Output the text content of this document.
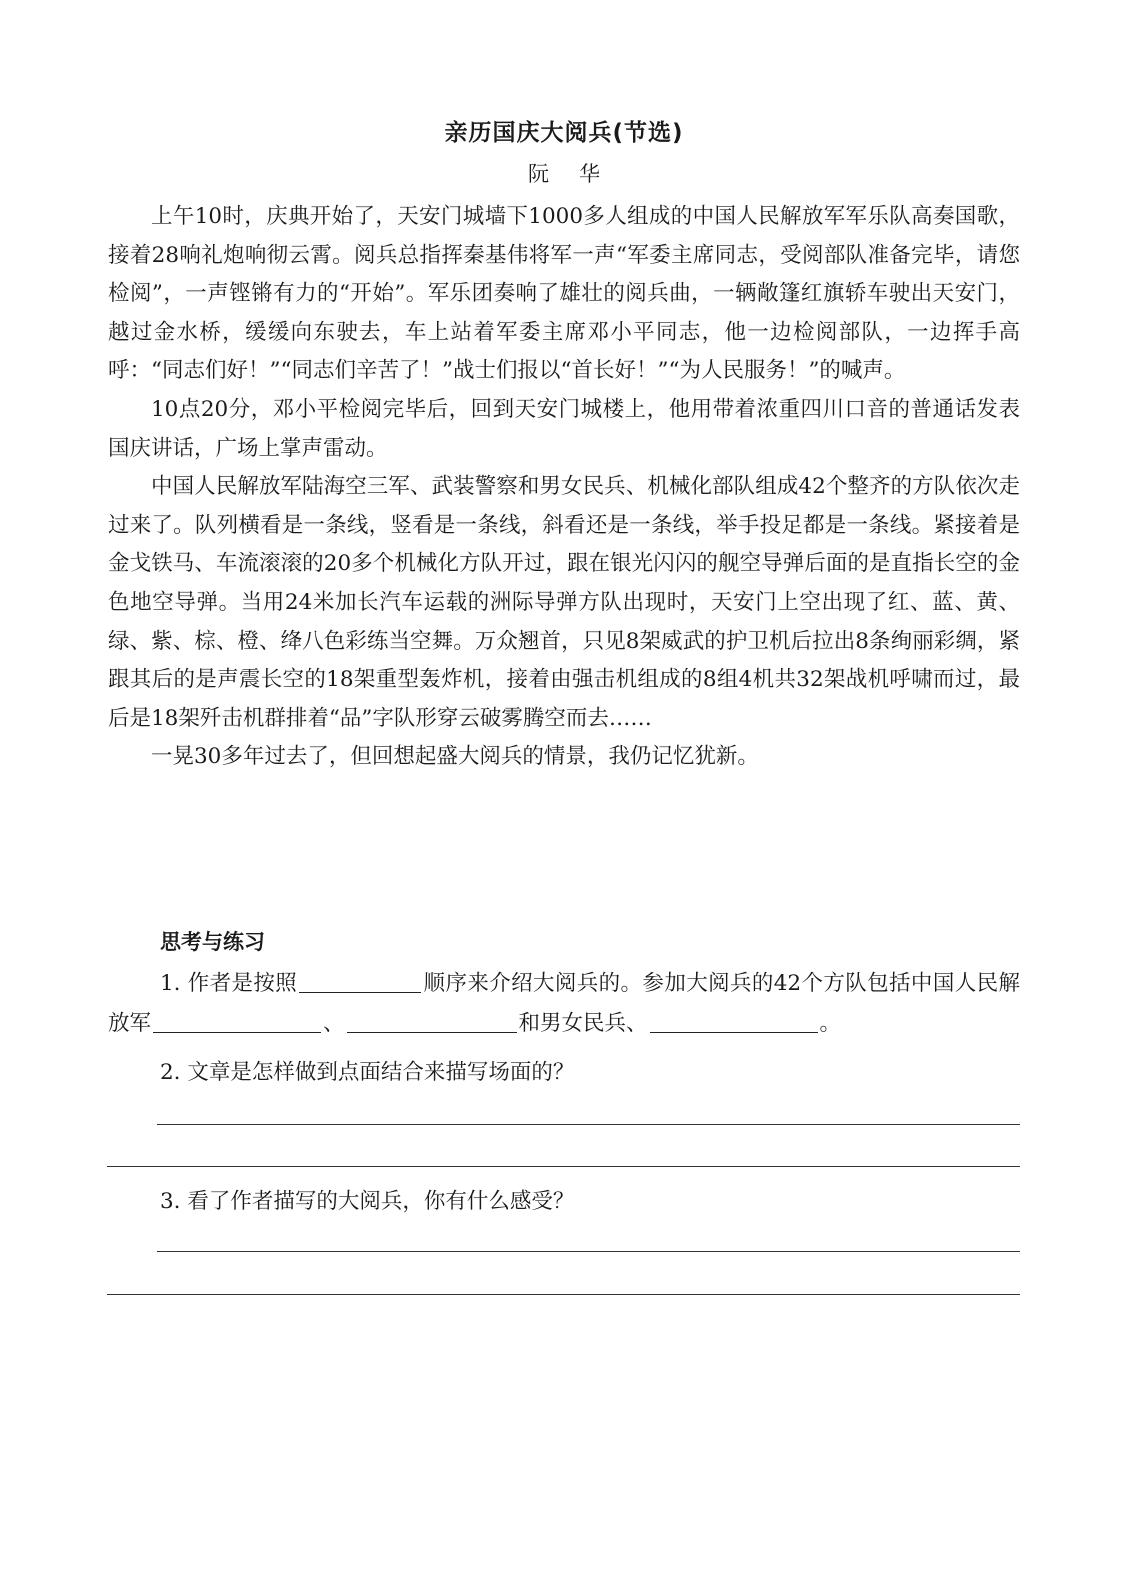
亲历国庆大阅兵(节选)
阮华

上午10时，庆典开始了，天安门城墙下1000多人组成的中国人民解放军军乐队高奏国歌，接着28响礼炮响彻云霄。阅兵总指挥秦基伟将军一声“军委主席同志，受阅部队准备完毕，请您检阅”，一声铿锵有力的“开始”。军乐团奏响了雄壮的阅兵曲，一辆敞篷红旗轿车驶出天安门，越过金水桥，缓缓向东驶去，车上站着军委主席邓小平同志，他一边检阅部队，一边挥手高呼：“同志们好！”“同志们辛苦了！”战士们报以“首长好！”“为人民服务！”的喊声。

10点20分，邓小平检阅完毕后，回到天安门城楼上，他用带着浓重四川口音的普通话发表国庆讲话，广场上掌声雷动。

中国人民解放军陆海空三军、武装警察和男女民兵、机械化部队组成42个整齐的方队依次走过来了。队列横看是一条线，竖看是一条线，斜看还是一条线，举手投足都是一条线。紧接着是金戈铁马、车流滚滚的20多个机械化方队开过，跟在银光闪闪的舰空导弹后面的是直指长空的金色地空导弹。当用24米加长汽车运载的洲际导弹方队出现时，天安门上空出现了红、蓝、黄、绿、紫、棕、橙、绛八色彩练当空舞。万众翘首，只见8架威武的护卫机后拉出8条绚丽彩绸，紧跟其后的是声震长空的18架重型轰炸机，接着由强击机组成的8组4机共32架战机呼啸而过，最后是18架歼击机群排着“品”字队形穿云破雾腾空而去……

一晃30多年过去了，但回想起盛大阅兵的情景，我仍记忆犹新。

思考与练习
1. 作者是按照	顺序来介绍大阅兵的。参加大阅兵的42个方队包括中国人民解放军	、	和男女民兵、	。
2. 文章是怎样做到点面结合来描写场面的？
3. 看了作者描写的大阅兵，你有什么感受？
